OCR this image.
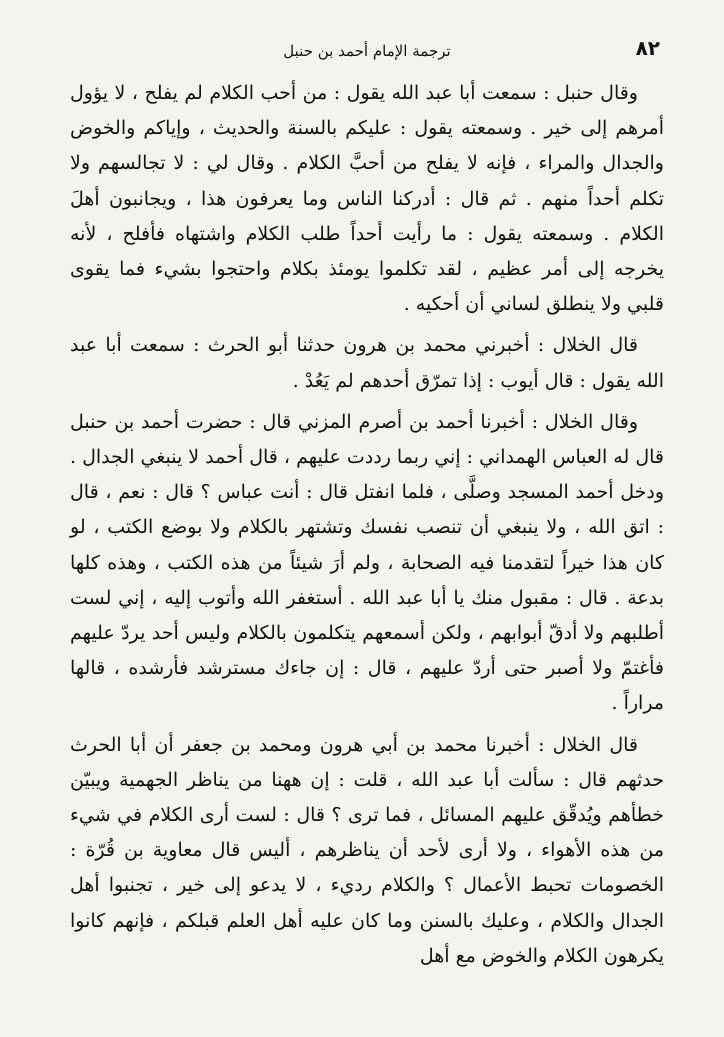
٨٢
ترجمة الإمام أحمد بن حنبل

وقال حنبل : سمعت أبا عبد الله يقول : من أحب الكلام لم يفلح ، لا يؤول أمرهم إلى خير . وسمعته يقول : عليكم بالسنة والحديث ، وإياكم والخوض والجدال والمراء ، فإنه لا يفلح من أحبَّ الكلام . وقال لي : لا تجالسهم ولا تكلم أحداً منهم . ثم قال : أدركنا الناس وما يعرفون هذا ، ويجانبون أهلَ الكلام . وسمعته يقول : ما رأيت أحداً طلب الكلام واشتهاه فأفلح ، لأنه يخرجه إلى أمر عظيم ، لقد تكلموا يومئذ بكلام واحتجوا بشيء فما يقوى قلبي ولا ينطلق لساني أن أحكيه .

قال الخلال : أخبرني محمد بن هرون حدثنا أبو الحرث : سمعت أبا عبد الله يقول : قال أيوب : إذا تمرّق أحدهم لم يَعُدْ .

وقال الخلال : أخبرنا أحمد بن أصرم المزني قال : حضرت أحمد بن حنبل قال له العباس الهمداني : إني ربما رددت عليهم ، قال أحمد لا ينبغي الجدال . ودخل أحمد المسجد وصلَّى ، فلما انفتل قال : أنت عباس ؟ قال : نعم ، قال : اتق الله ، ولا ينبغي أن تنصب نفسك وتشتهر بالكلام ولا بوضع الكتب ، لو كان هذا خيراً لتقدمنا فيه الصحابة ، ولم أرَ شيئاً من هذه الكتب ، وهذه كلها بدعة . قال : مقبول منك يا أبا عبد الله . أستغفر الله وأتوب إليه ، إني لست أطلبهم ولا أدقّ أبوابهم ، ولكن أسمعهم يتكلمون بالكلام وليس أحد يردّ عليهم فأغتمّ ولا أصبر حتى أردّ عليهم ، قال : إن جاءك مسترشد فأرشده ، قالها مراراً .

قال الخلال : أخبرنا محمد بن أبي هرون ومحمد بن جعفر أن أبا الحرث حدثهم قال : سألت أبا عبد الله ، قلت : إن ههنا من يناظر الجهمية ويبيّن خطأهم ويُدقّق عليهم المسائل ، فما ترى ؟ قال : لست أرى الكلام في شيء من هذه الأهواء ، ولا أرى لأحد أن يناظرهم ، أليس قال معاوية بن قُرّة : الخصومات تحبط الأعمال ؟ والكلام رديء ، لا يدعو إلى خير ، تجنبوا أهل الجدال والكلام ، وعليك بالسنن وما كان عليه أهل العلم قبلكم ، فإنهم كانوا يكرهون الكلام والخوض مع أهل
